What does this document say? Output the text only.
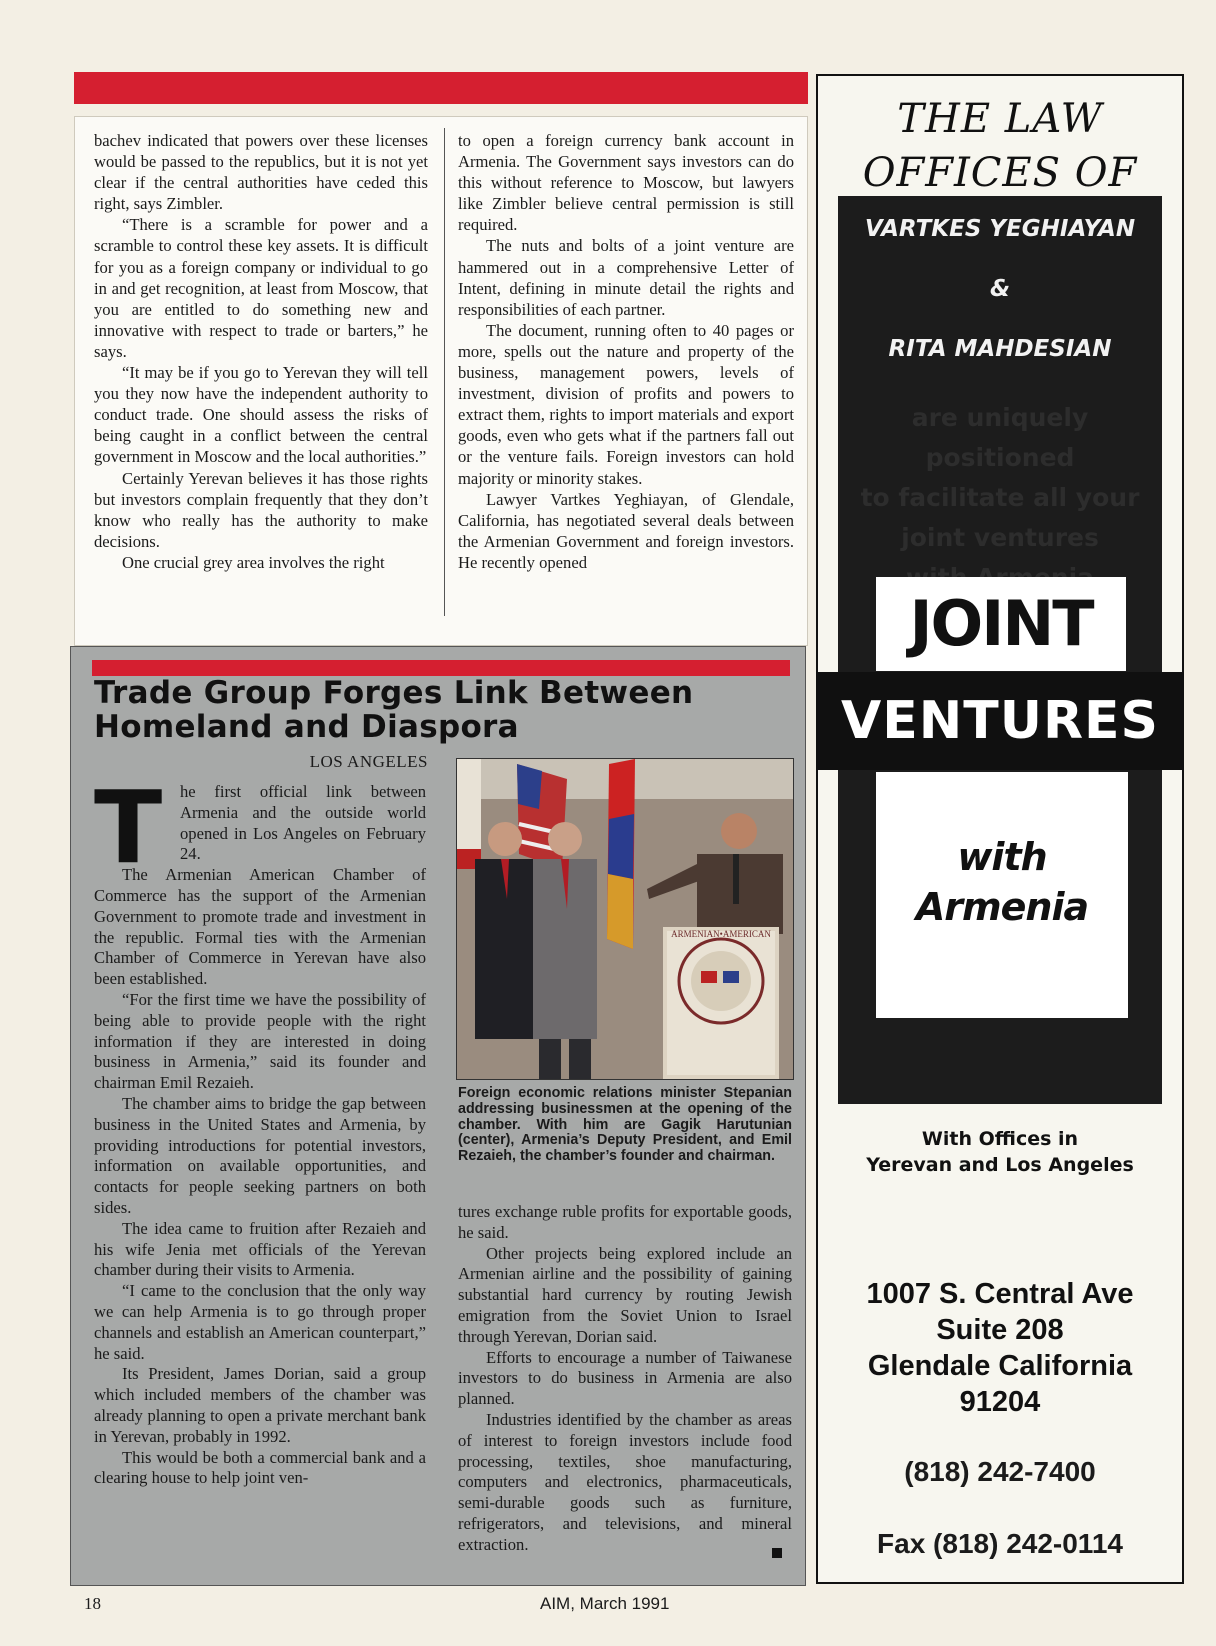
bachev indicated that powers over these licenses would be passed to the republics, but it is not yet clear if the central authorities have ceded this right, says Zimbler.

“There is a scramble for power and a scramble to control these key assets. It is difficult for you as a foreign company or individual to go in and get recognition, at least from Moscow, that you are entitled to do something new and innovative with respect to trade or barters,” he says.

“It may be if you go to Yerevan they will tell you they now have the independent authority to conduct trade. One should assess the risks of being caught in a conflict between the central government in Moscow and the local authorities.”

Certainly Yerevan believes it has those rights but investors complain frequently that they don’t know who really has the authority to make decisions.

One crucial grey area involves the right

to open a foreign currency bank account in Armenia. The Government says investors can do this without reference to Moscow, but lawyers like Zimbler believe central permission is still required.

The nuts and bolts of a joint venture are hammered out in a comprehensive Letter of Intent, defining in minute detail the rights and responsibilities of each partner.

The document, running often to 40 pages or more, spells out the nature and property of the business, management powers, levels of investment, division of profits and powers to extract them, rights to import materials and export goods, even who gets what if the partners fall out or the venture fails. Foreign investors can hold majority or minority stakes.

Lawyer Vartkes Yeghiayan, of Glendale, California, has negotiated several deals between the Armenian Government and foreign investors. He recently opened

Trade Group Forges Link Between Homeland and Diaspora
LOS ANGELES
T	he first official link between Armenia and the outside world opened in Los Angeles on February 24.

The Armenian American Chamber of Commerce has the support of the Armenian Government to promote trade and investment in the republic. Formal ties with the Armenian Chamber of Commerce in Yerevan have also been established.

“For the first time we have the possibility of being able to provide people with the right information if they are interested in doing business in Armenia,” said its founder and chairman Emil Rezaieh.

The chamber aims to bridge the gap between business in the United States and Armenia, by providing introductions for potential investors, information on available opportunities, and contacts for people seeking partners on both sides.

The idea came to fruition after Rezaieh and his wife Jenia met officials of the Yerevan chamber during their visits to Armenia.

“I came to the conclusion that the only way we can help Armenia is to go through proper channels and establish an American counterpart,” he said.

Its President, James Dorian, said a group which included members of the chamber was already planning to open a private merchant bank in Yerevan, probably in 1992.

This would be both a commercial bank and a clearing house to help joint ven-

ARMENIAN•AMERICAN
Foreign economic relations minister Stepanian addressing businessmen at the opening of the chamber. With him are Gagik Harutunian (center), Armenia’s Deputy President, and Emil Rezaieh, the chamber’s founder and chairman.

tures exchange ruble profits for exportable goods, he said.

Other projects being explored include an Armenian airline and the possibility of gaining substantial hard currency by routing Jewish emigration from the Soviet Union to Israel through Yerevan, Dorian said.

Efforts to encourage a number of Taiwanese investors to do business in Armenia are also planned.

Industries identified by the chamber as areas of interest to foreign investors include food processing, textiles, shoe manufacturing, computers and electronics, pharmaceuticals, semi-durable goods such as furniture, refrigerators, and televisions, and mineral extraction.

THE LAW
OFFICES OF
VARTKES YEGHIAYAN
&
RITA MAHDESIAN
are uniquely positioned
to facilitate all your
joint ventures
JOINT
VENTURES
with
Armenia
With Offices in
Yerevan and Los Angeles
1007 S. Central Ave
Suite 208
Glendale California
91204
(818) 242-7400
Fax (818) 242-0114
18	AIM, March 1991
